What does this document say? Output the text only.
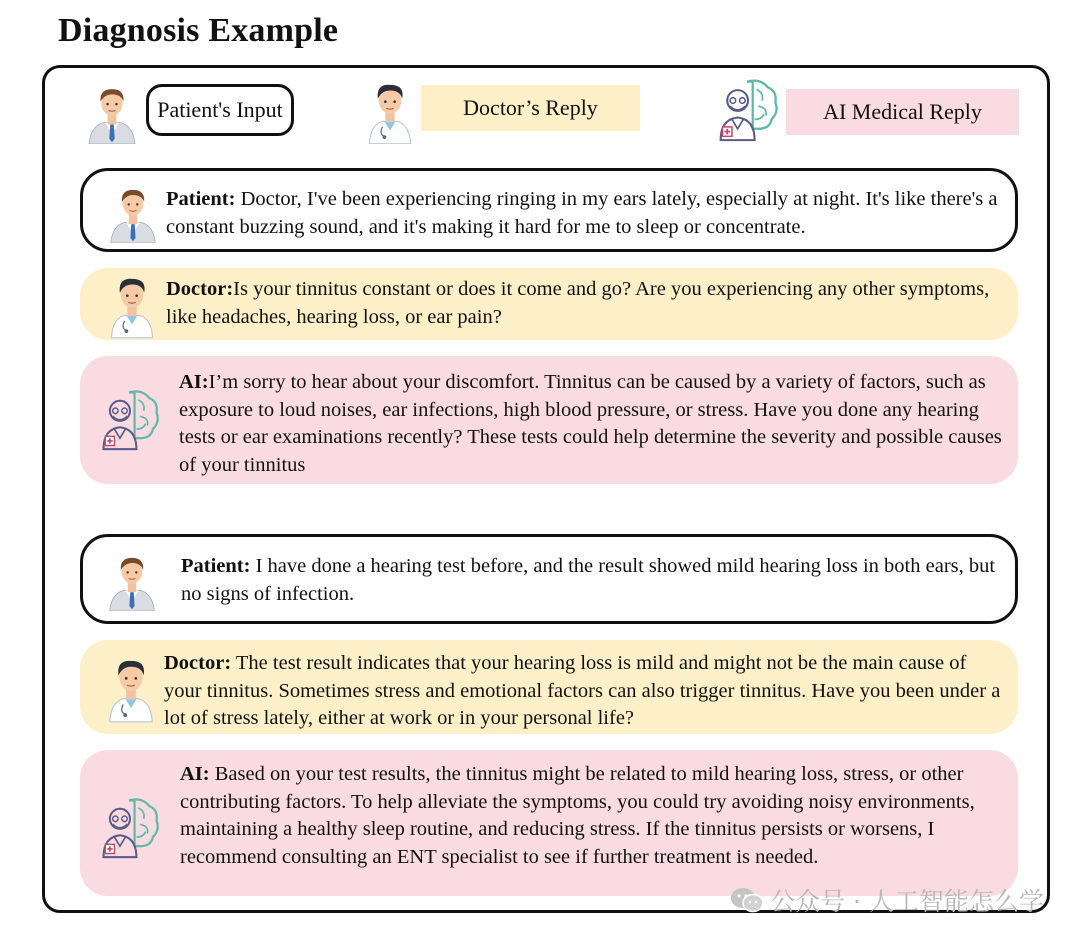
Diagnosis Example
Patient's Input	Doctor’s Reply	AI Medical Reply
Patient: Doctor, I've been experiencing ringing in my ears lately, especially at night. It's like there's a constant buzzing sound, and it's making it hard for me to sleep or concentrate.
Doctor:Is your tinnitus constant or does it come and go? Are you experiencing any other symptoms, like headaches, hearing loss, or ear pain?
AI:I’m sorry to hear about your discomfort. Tinnitus can be caused by a variety of factors, such as exposure to loud noises, ear infections, high blood pressure, or stress. Have you done any hearing tests or ear examinations recently? These tests could help determine the severity and possible causes of your tinnitus
Patient: I have done a hearing test before, and the result showed mild hearing loss in both ears, but no signs of infection.
Doctor: The test result indicates that your hearing loss is mild and might not be the main cause of your tinnitus. Sometimes stress and emotional factors can also trigger tinnitus. Have you been under a lot of stress lately, either at work or in your personal life?
AI: Based on your test results, the tinnitus might be related to mild hearing loss, stress, or other contributing factors. To help alleviate the symptoms, you could try avoiding noisy environments, maintaining a healthy sleep routine, and reducing stress. If the tinnitus persists or worsens, I recommend consulting an ENT specialist to see if further treatment is needed.
公众号 · 人工智能怎么学
